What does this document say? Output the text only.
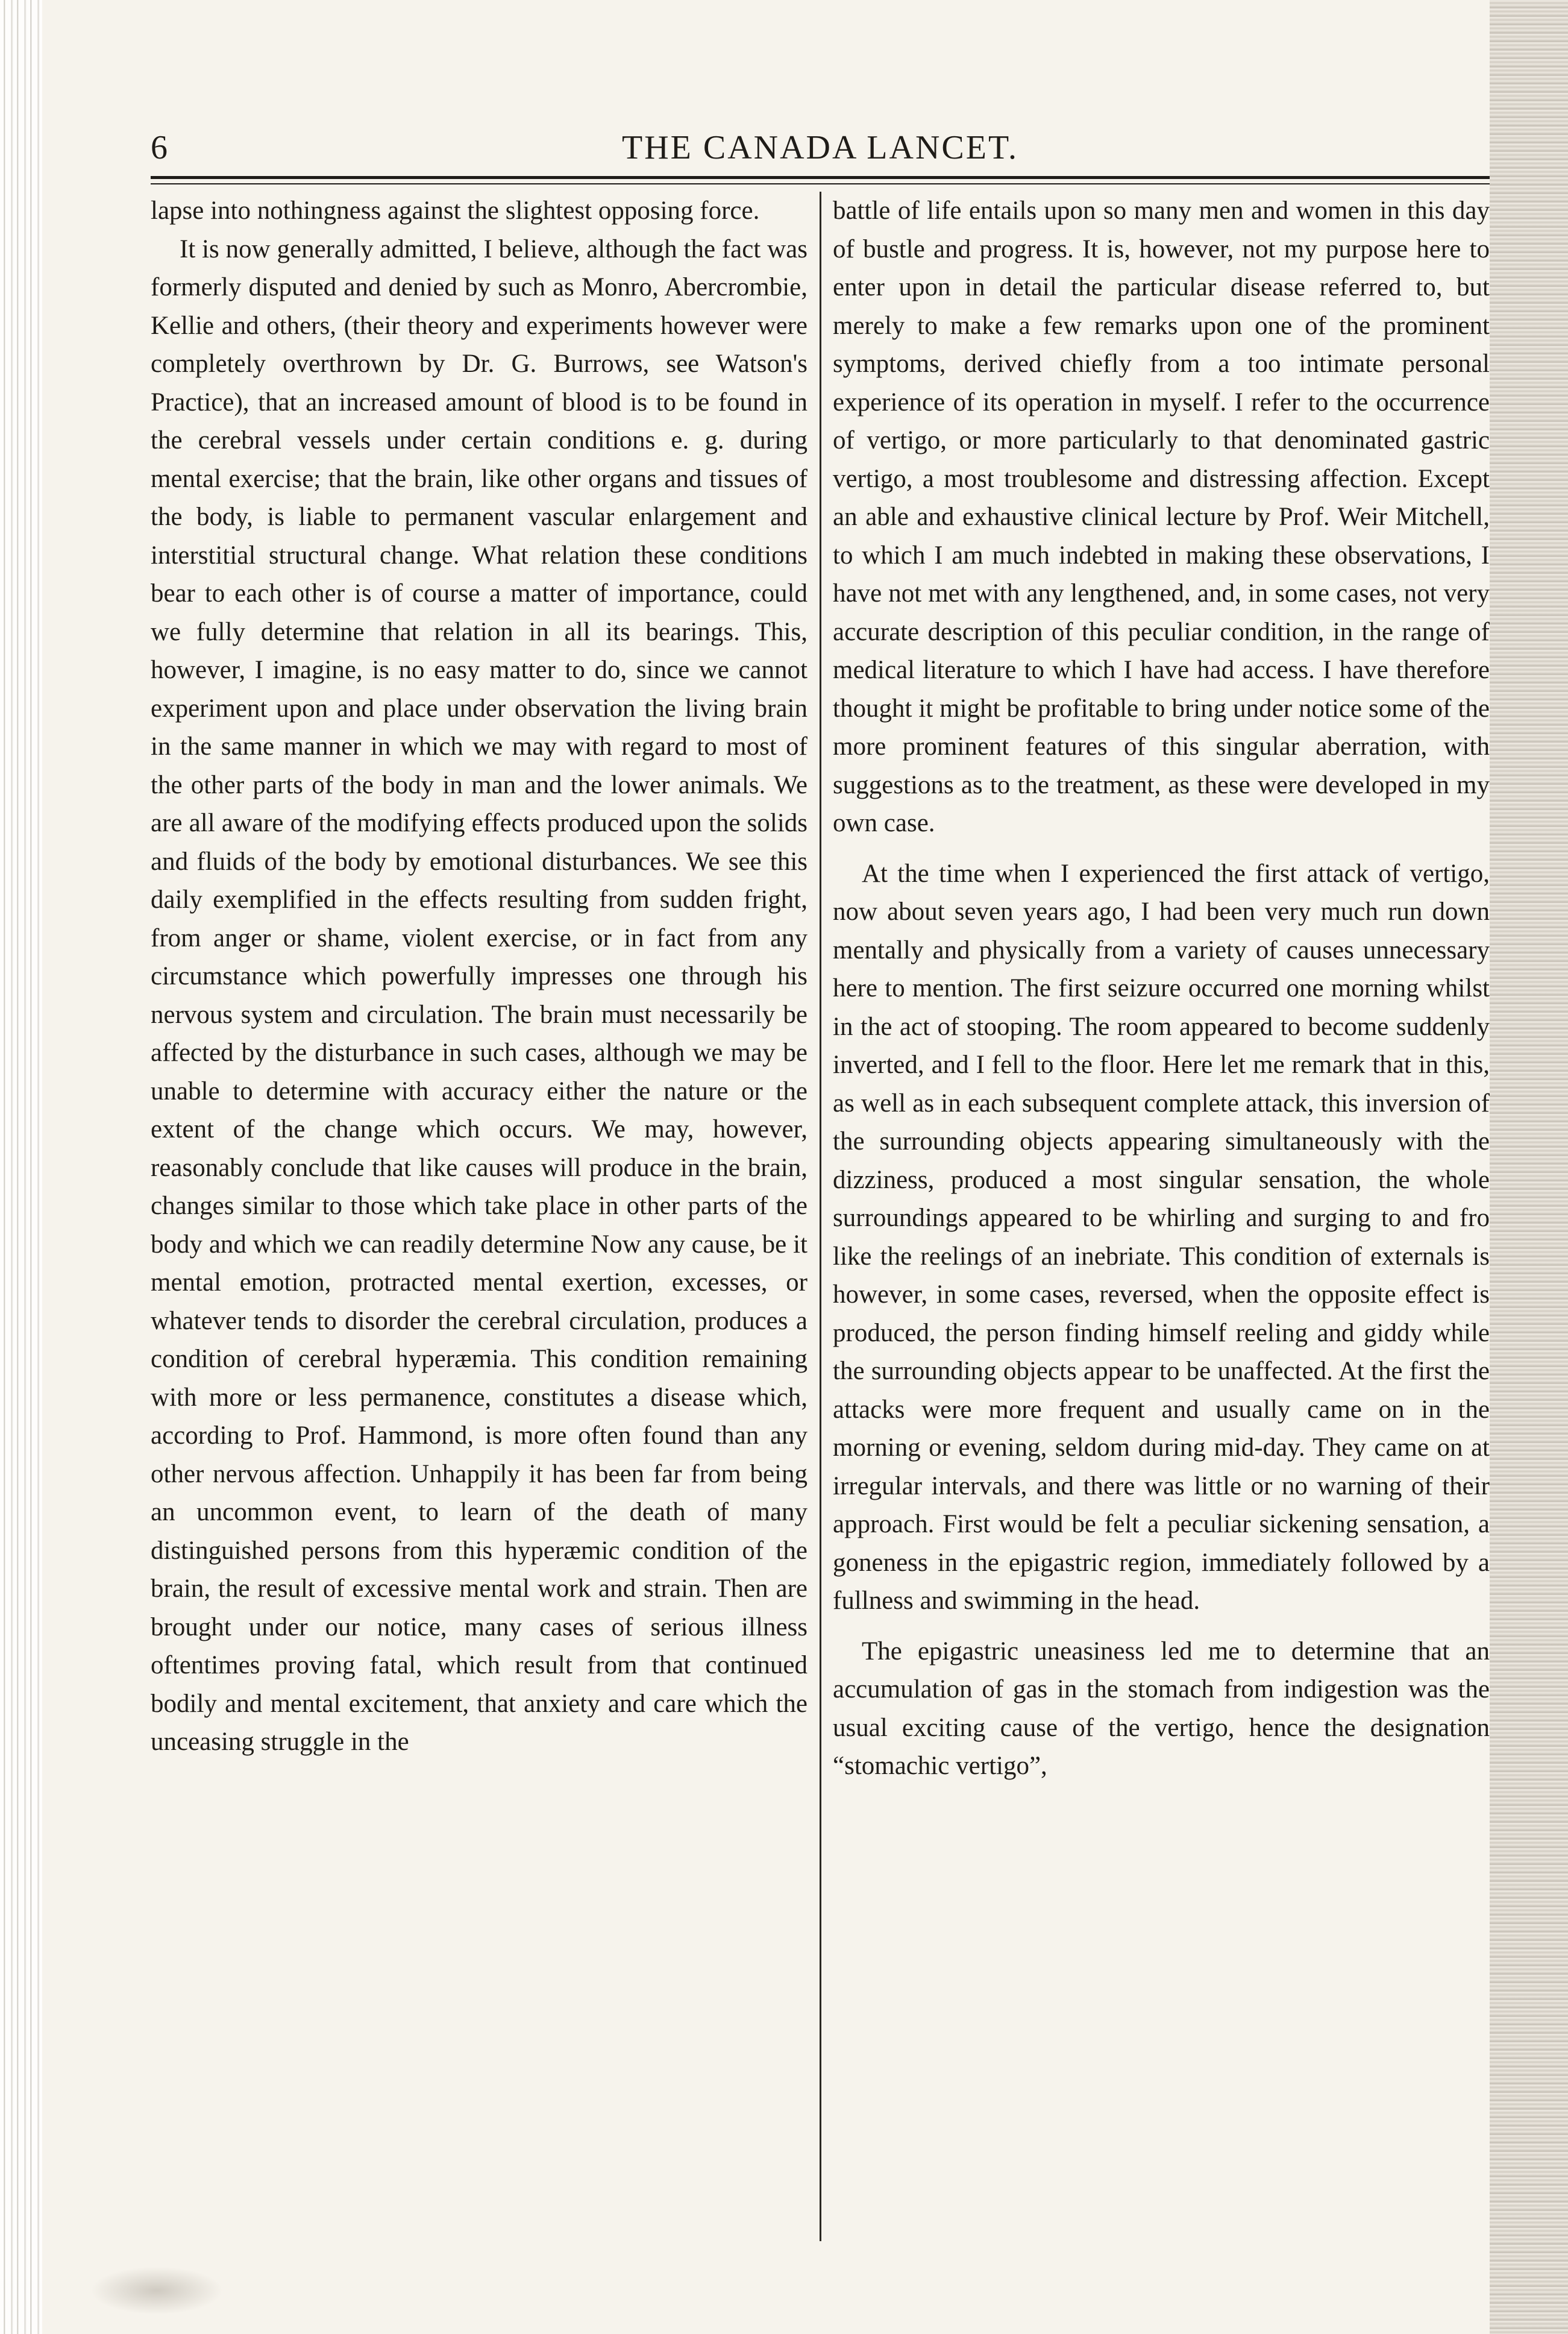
6	THE CANADA LANCET.

lapse into nothingness against the slightest opposing force.

It is now generally admitted, I believe, although the fact was formerly disputed and denied by such as Monro, Abercrombie, Kellie and others, (their theory and experiments however were completely overthrown by Dr. G. Burrows, see Watson's Practice), that an increased amount of blood is to be found in the cerebral vessels under certain conditions e. g. during mental exercise; that the brain, like other organs and tissues of the body, is liable to permanent vascular enlargement and interstitial structural change. What relation these conditions bear to each other is of course a matter of importance, could we fully determine that relation in all its bearings. This, however, I imagine, is no easy matter to do, since we cannot experiment upon and place under observation the living brain in the same manner in which we may with regard to most of the other parts of the body in man and the lower animals. We are all aware of the modifying effects produced upon the solids and fluids of the body by emotional disturbances. We see this daily exemplified in the effects resulting from sudden fright, from anger or shame, violent exercise, or in fact from any circumstance which powerfully impresses one through his nervous system and circulation. The brain must necessarily be affected by the disturbance in such cases, although we may be unable to determine with accuracy either the nature or the extent of the change which occurs. We may, however, reasonably conclude that like causes will produce in the brain, changes similar to those which take place in other parts of the body and which we can readily determine Now any cause, be it mental emotion, protracted mental exertion, excesses, or whatever tends to disorder the cerebral circulation, produces a condition of cerebral hyperæmia. This condition remaining with more or less permanence, constitutes a disease which, according to Prof. Hammond, is more often found than any other nervous affection. Unhappily it has been far from being an uncommon event, to learn of the death of many distinguished persons from this hyperæmic condition of the brain, the result of excessive mental work and strain. Then are brought under our notice, many cases of serious illness oftentimes proving fatal, which result from that continued bodily and mental excitement, that anxiety and care which the unceasing struggle in the

battle of life entails upon so many men and women in this day of bustle and progress. It is, however, not my purpose here to enter upon in detail the particular disease referred to, but merely to make a few remarks upon one of the prominent symptoms, derived chiefly from a too intimate personal experience of its operation in myself. I refer to the occurrence of vertigo, or more particularly to that denominated gastric vertigo, a most troublesome and distressing affection. Except an able and exhaustive clinical lecture by Prof. Weir Mitchell, to which I am much indebted in making these observations, I have not met with any lengthened, and, in some cases, not very accurate description of this peculiar condition, in the range of medical literature to which I have had access. I have therefore thought it might be profitable to bring under notice some of the more prominent features of this singular aberration, with suggestions as to the treatment, as these were developed in my own case.

At the time when I experienced the first attack of vertigo, now about seven years ago, I had been very much run down mentally and physically from a variety of causes unnecessary here to mention. The first seizure occurred one morning whilst in the act of stooping. The room appeared to become suddenly inverted, and I fell to the floor. Here let me remark that in this, as well as in each subsequent complete attack, this inversion of the surrounding objects appearing simultaneously with the dizziness, produced a most singular sensation, the whole surroundings appeared to be whirling and surging to and fro like the reelings of an inebriate. This condition of externals is however, in some cases, reversed, when the opposite effect is produced, the person finding himself reeling and giddy while the surrounding objects appear to be unaffected. At the first the attacks were more frequent and usually came on in the morning or evening, seldom during mid-day. They came on at irregular intervals, and there was little or no warning of their approach. First would be felt a peculiar sickening sensation, a goneness in the epigastric region, immediately followed by a fullness and swimming in the head.

The epigastric uneasiness led me to determine that an accumulation of gas in the stomach from indigestion was the usual exciting cause of the vertigo, hence the designation “stomachic vertigo”,
